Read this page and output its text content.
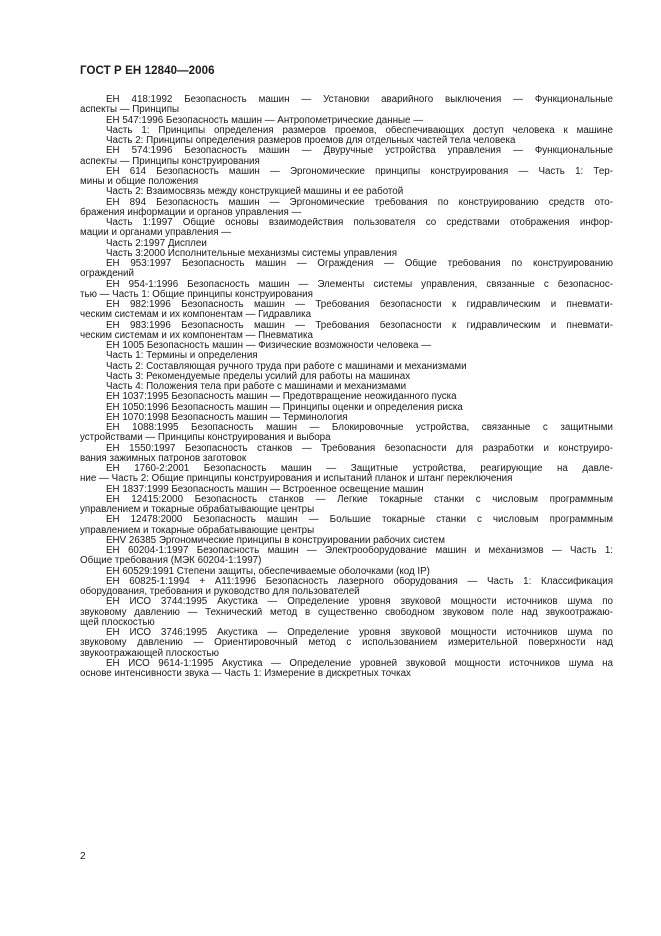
ГОСТ Р ЕН 12840—2006
ЕН 418:1992 Безопасность машин — Установки аварийного выключения — Функциональные
аспекты — Принципы
ЕН 547:1996 Безопасность машин — Антропометрические данные —
Часть 1: Принципы определения размеров проемов, обеспечивающих доступ человека к машине
Часть 2: Принципы определения размеров проемов для отдельных частей тела человека
ЕН 574:1996 Безопасность машин — Двуручные устройства управления — Функциональные
аспекты — Принципы конструирования
ЕН 614 Безопасность машин — Эргономические принципы конструирования — Часть 1: Тер-
мины и общие положения
Часть 2: Взаимосвязь между конструкцией машины и ее работой
ЕН 894 Безопасность машин — Эргономические требования по конструированию средств ото-
бражения информации и органов управления —
Часть 1:1997 Общие основы взаимодействия пользователя со средствами отображения инфор-
мации и органами управления —
Часть 2:1997 Дисплеи
Часть 3:2000 Исполнительные механизмы системы управления
ЕН 953:1997 Безопасность машин — Ограждения — Общие требования по конструированию
ограждений
ЕН 954-1:1996 Безопасность машин — Элементы системы управления, связанные с безопаснос-
тью — Часть 1: Общие принципы конструирования
ЕН 982:1996 Безопасность машин — Требования безопасности к гидравлическим и пневмати-
ческим системам и их компонентам — Гидравлика
ЕН 983:1996 Безопасность машин — Требования безопасности к гидравлическим и пневмати-
ческим системам и их компонентам — Пневматика
ЕН 1005 Безопасность машин — Физические возможности человека —
Часть 1: Термины и определения
Часть 2: Составляющая ручного труда при работе с машинами и механизмами
Часть 3: Рекомендуемые пределы усилий для работы на машинах
Часть 4: Положения тела при работе с машинами и механизмами
ЕН 1037:1995 Безопасность машин — Предотвращение неожиданного пуска
ЕН 1050:1996 Безопасность машин — Принципы оценки и определения риска
ЕН 1070:1998 Безопасность машин — Терминология
ЕН 1088:1995 Безопасность машин — Блокировочные устройства, связанные с защитными
устройствами — Принципы конструирования и выбора
ЕН 1550:1997 Безопасность станков — Требования безопасности для разработки и конструиро-
вания зажимных патронов заготовок
ЕН 1760-2:2001 Безопасность машин — Защитные устройства, реагирующие на давле-
ние — Часть 2: Общие принципы конструирования и испытаний планок и штанг переключения
ЕН 1837:1999 Безопасность машин — Встроенное освещение машин
ЕН 12415:2000 Безопасность станков — Легкие токарные станки с числовым программным
управлением и токарные обрабатывающие центры
ЕН 12478:2000 Безопасность машин — Большие токарные станки с числовым программным
управлением и токарные обрабатывающие центры
ЕНV 26385 Эргономические принципы в конструировании рабочих систем
ЕН 60204-1:1997 Безопасность машин — Электрооборудование машин и механизмов — Часть 1:
Общие требования (МЭК 60204-1:1997)
ЕН 60529:1991 Степени защиты, обеспечиваемые оболочками (код IP)
ЕН 60825-1:1994 + А11:1996 Безопасность лазерного оборудования — Часть 1: Классификация
оборудования, требования и руководство для пользователей
ЕН ИСО 3744:1995 Акустика — Определение уровня звуковой мощности источников шума по
звуковому давлению — Технический метод в существенно свободном звуковом поле над звукоотражаю-
щей плоскостью
ЕН ИСО 3746:1995 Акустика — Определение уровня звуковой мощности источников шума по
звуковому давлению — Ориентировочный метод с использованием измерительной поверхности над
звукоотражающей плоскостью
ЕН ИСО 9614-1:1995 Акустика — Определение уровней звуковой мощности источников шума на
основе интенсивности звука — Часть 1: Измерение в дискретных точках
2
